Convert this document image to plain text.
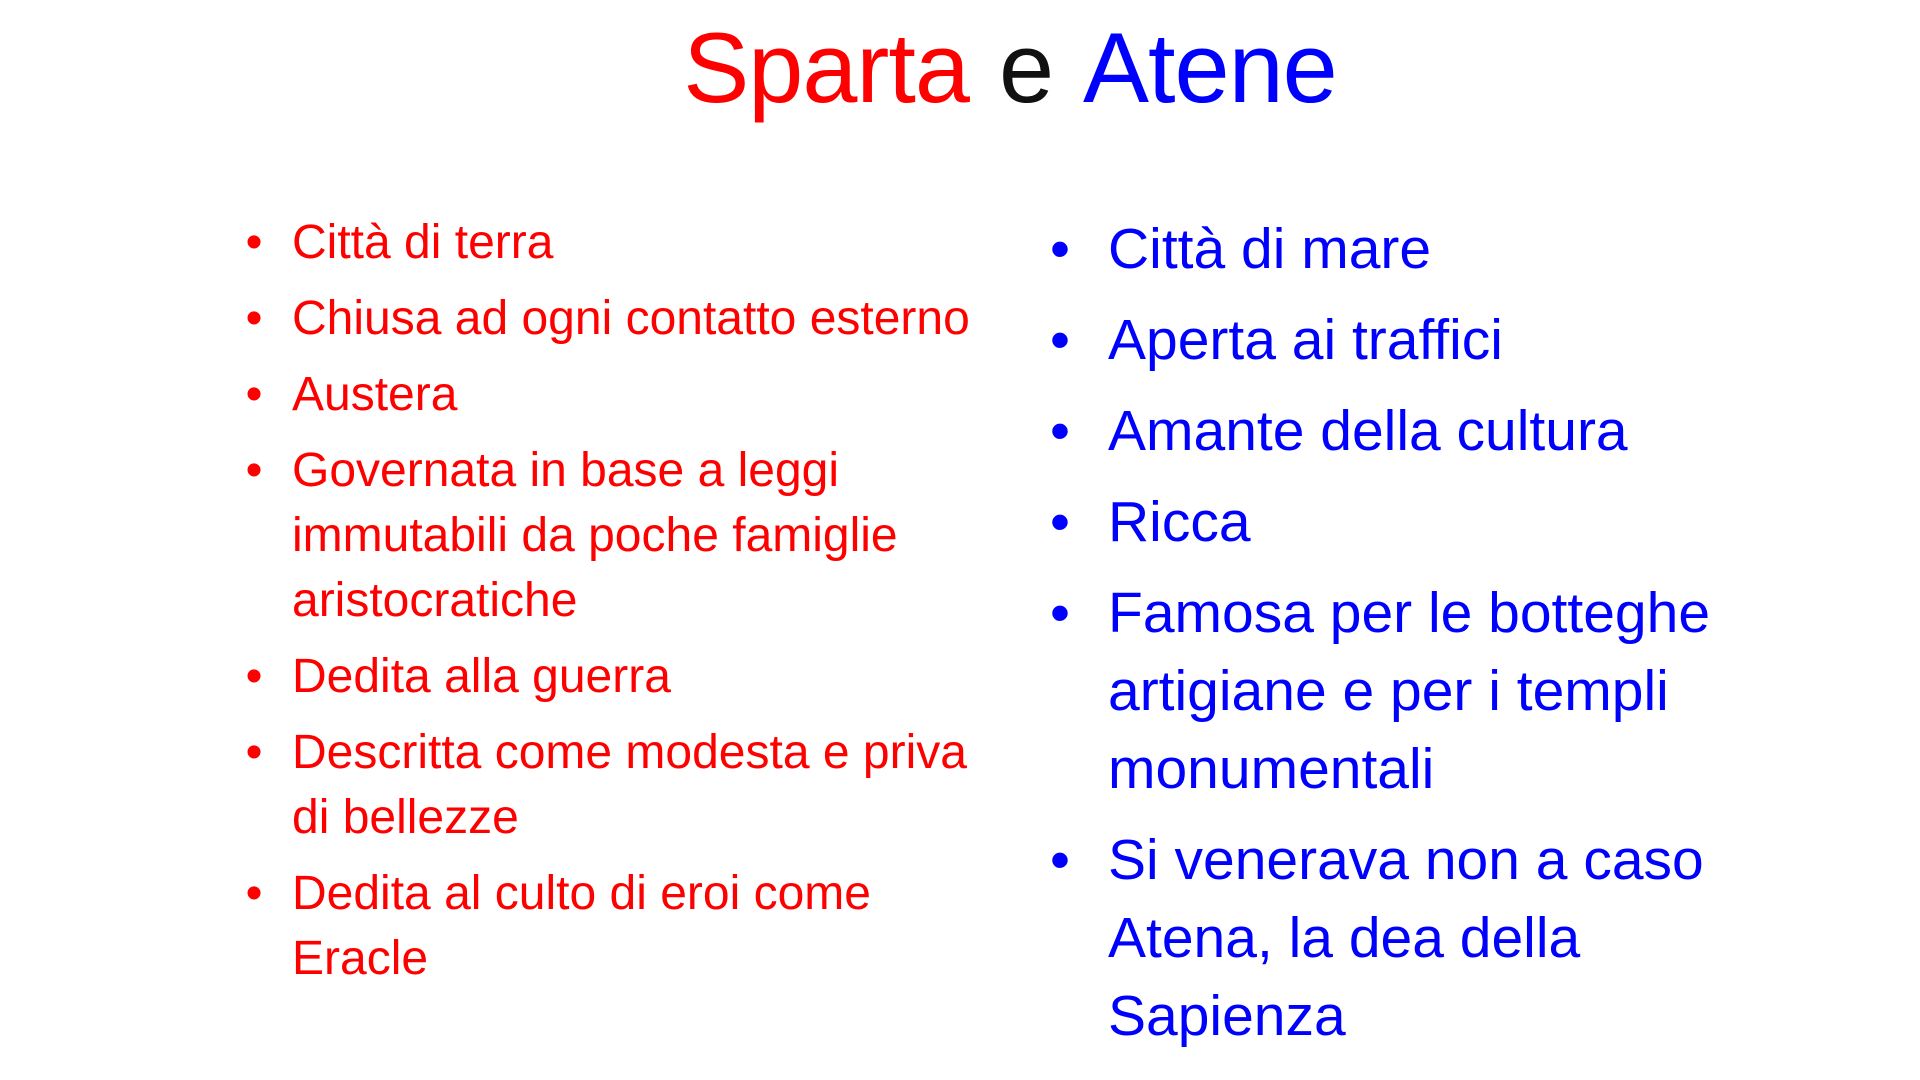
Sparta e Atene
• Città di terra
• Chiusa ad ogni contatto esterno
• Austera
• Governata in base a leggi immutabili da poche famiglie aristocratiche
• Dedita alla guerra
• Descritta come modesta e priva di bellezze
• Dedita al culto di eroi come Eracle
• Città di mare
• Aperta ai traffici
• Amante della cultura
• Ricca
• Famosa per le botteghe artigiane e per i templi monumentali
• Si venerava non a caso Atena, la dea della Sapienza
